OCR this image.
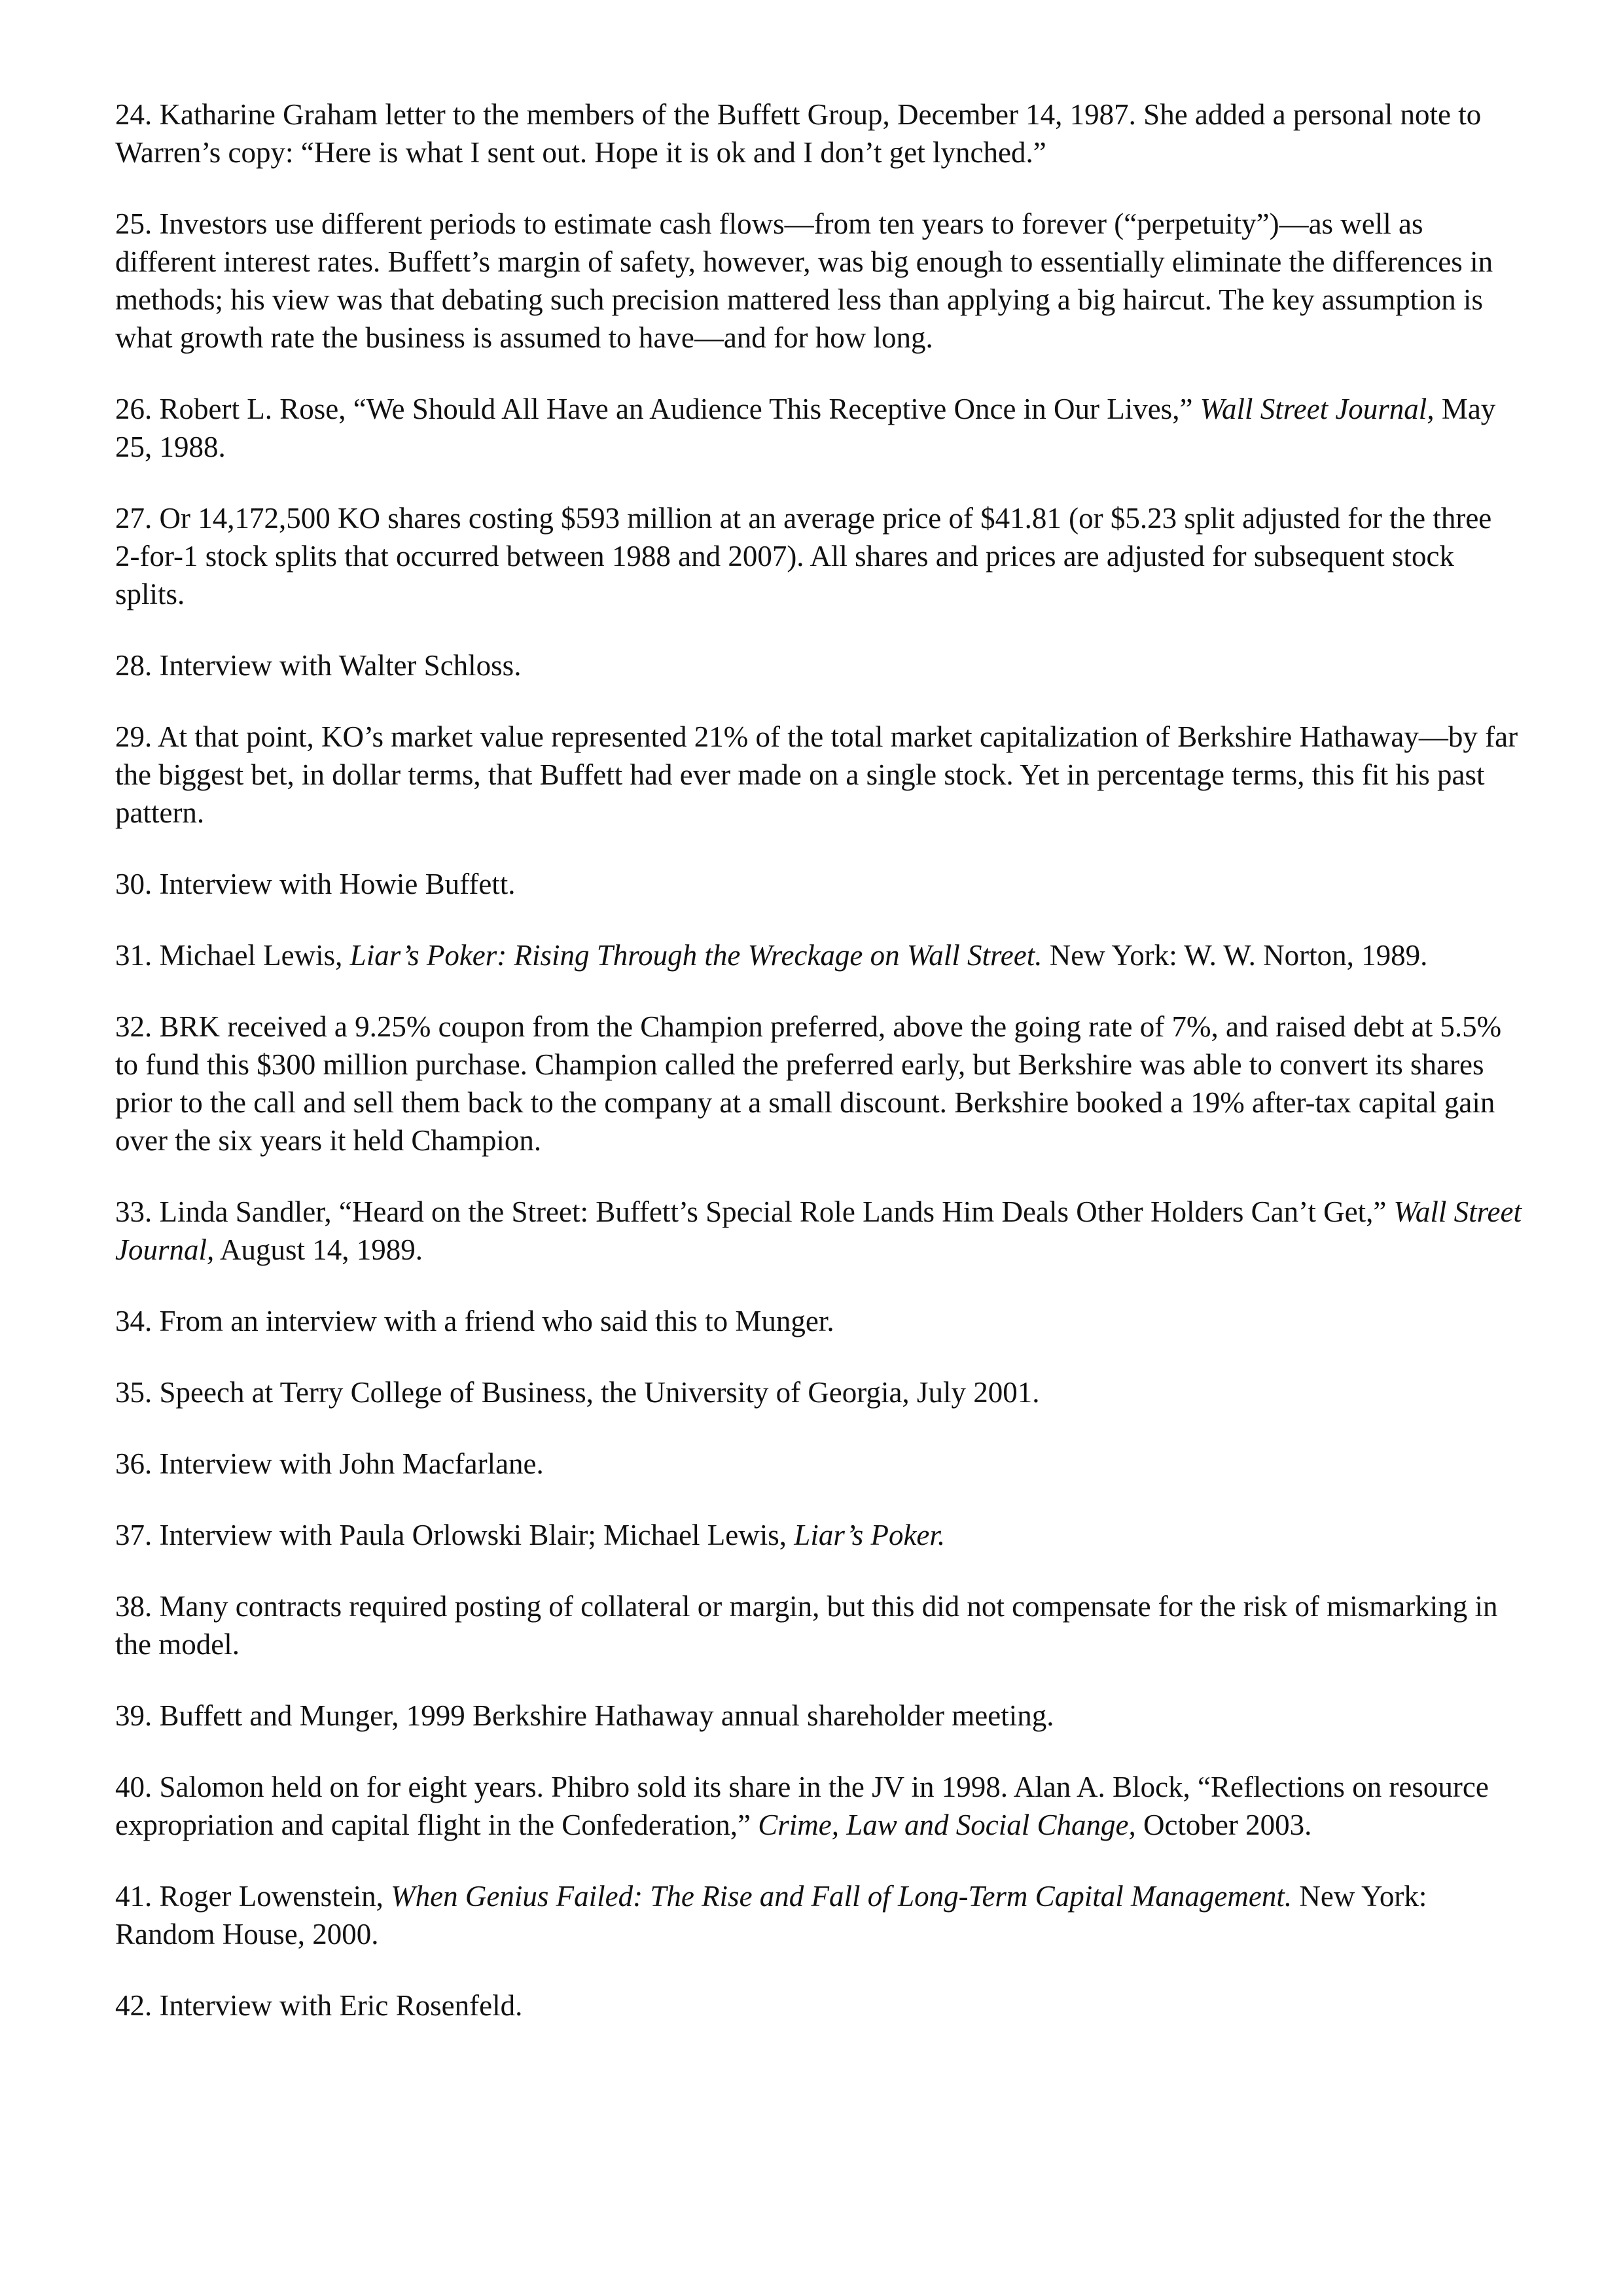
24. Katharine Graham letter to the members of the Buffett Group, December 14, 1987. She added a personal note to Warren’s copy: “Here is what I sent out. Hope it is ok and I don’t get lynched.”

25. Investors use different periods to estimate cash flows—from ten years to forever (“perpetuity”)—as well as different interest rates. Buffett’s margin of safety, however, was big enough to essentially eliminate the differences in methods; his view was that debating such precision mattered less than applying a big haircut. The key assumption is what growth rate the business is assumed to have—and for how long.

26. Robert L. Rose, “We Should All Have an Audience This Receptive Once in Our Lives,” Wall Street Journal, May 25, 1988.

27. Or 14,172,500 KO shares costing $593 million at an average price of $41.81 (or $5.23 split adjusted for the three 2-for-1 stock splits that occurred between 1988 and 2007). All shares and prices are adjusted for subsequent stock splits.

28. Interview with Walter Schloss.

29. At that point, KO’s market value represented 21% of the total market capitalization of Berkshire Hathaway—by far the biggest bet, in dollar terms, that Buffett had ever made on a single stock. Yet in percentage terms, this fit his past pattern.

30. Interview with Howie Buffett.

31. Michael Lewis, Liar’s Poker: Rising Through the Wreckage on Wall Street. New York: W. W. Norton, 1989.

32. BRK received a 9.25% coupon from the Champion preferred, above the going rate of 7%, and raised debt at 5.5% to fund this $300 million purchase. Champion called the preferred early, but Berkshire was able to convert its shares prior to the call and sell them back to the company at a small discount. Berkshire booked a 19% after-tax capital gain over the six years it held Champion.

33. Linda Sandler, “Heard on the Street: Buffett’s Special Role Lands Him Deals Other Holders Can’t Get,” Wall Street Journal, August 14, 1989.

34. From an interview with a friend who said this to Munger.

35. Speech at Terry College of Business, the University of Georgia, July 2001.

36. Interview with John Macfarlane.

37. Interview with Paula Orlowski Blair; Michael Lewis, Liar’s Poker.

38. Many contracts required posting of collateral or margin, but this did not compensate for the risk of mismarking in the model.

39. Buffett and Munger, 1999 Berkshire Hathaway annual shareholder meeting.

40. Salomon held on for eight years. Phibro sold its share in the JV in 1998. Alan A. Block, “Reflections on resource expropriation and capital flight in the Confederation,” Crime, Law and Social Change, October 2003.

41. Roger Lowenstein, When Genius Failed: The Rise and Fall of Long-Term Capital Management. New York: Random House, 2000.

42. Interview with Eric Rosenfeld.
